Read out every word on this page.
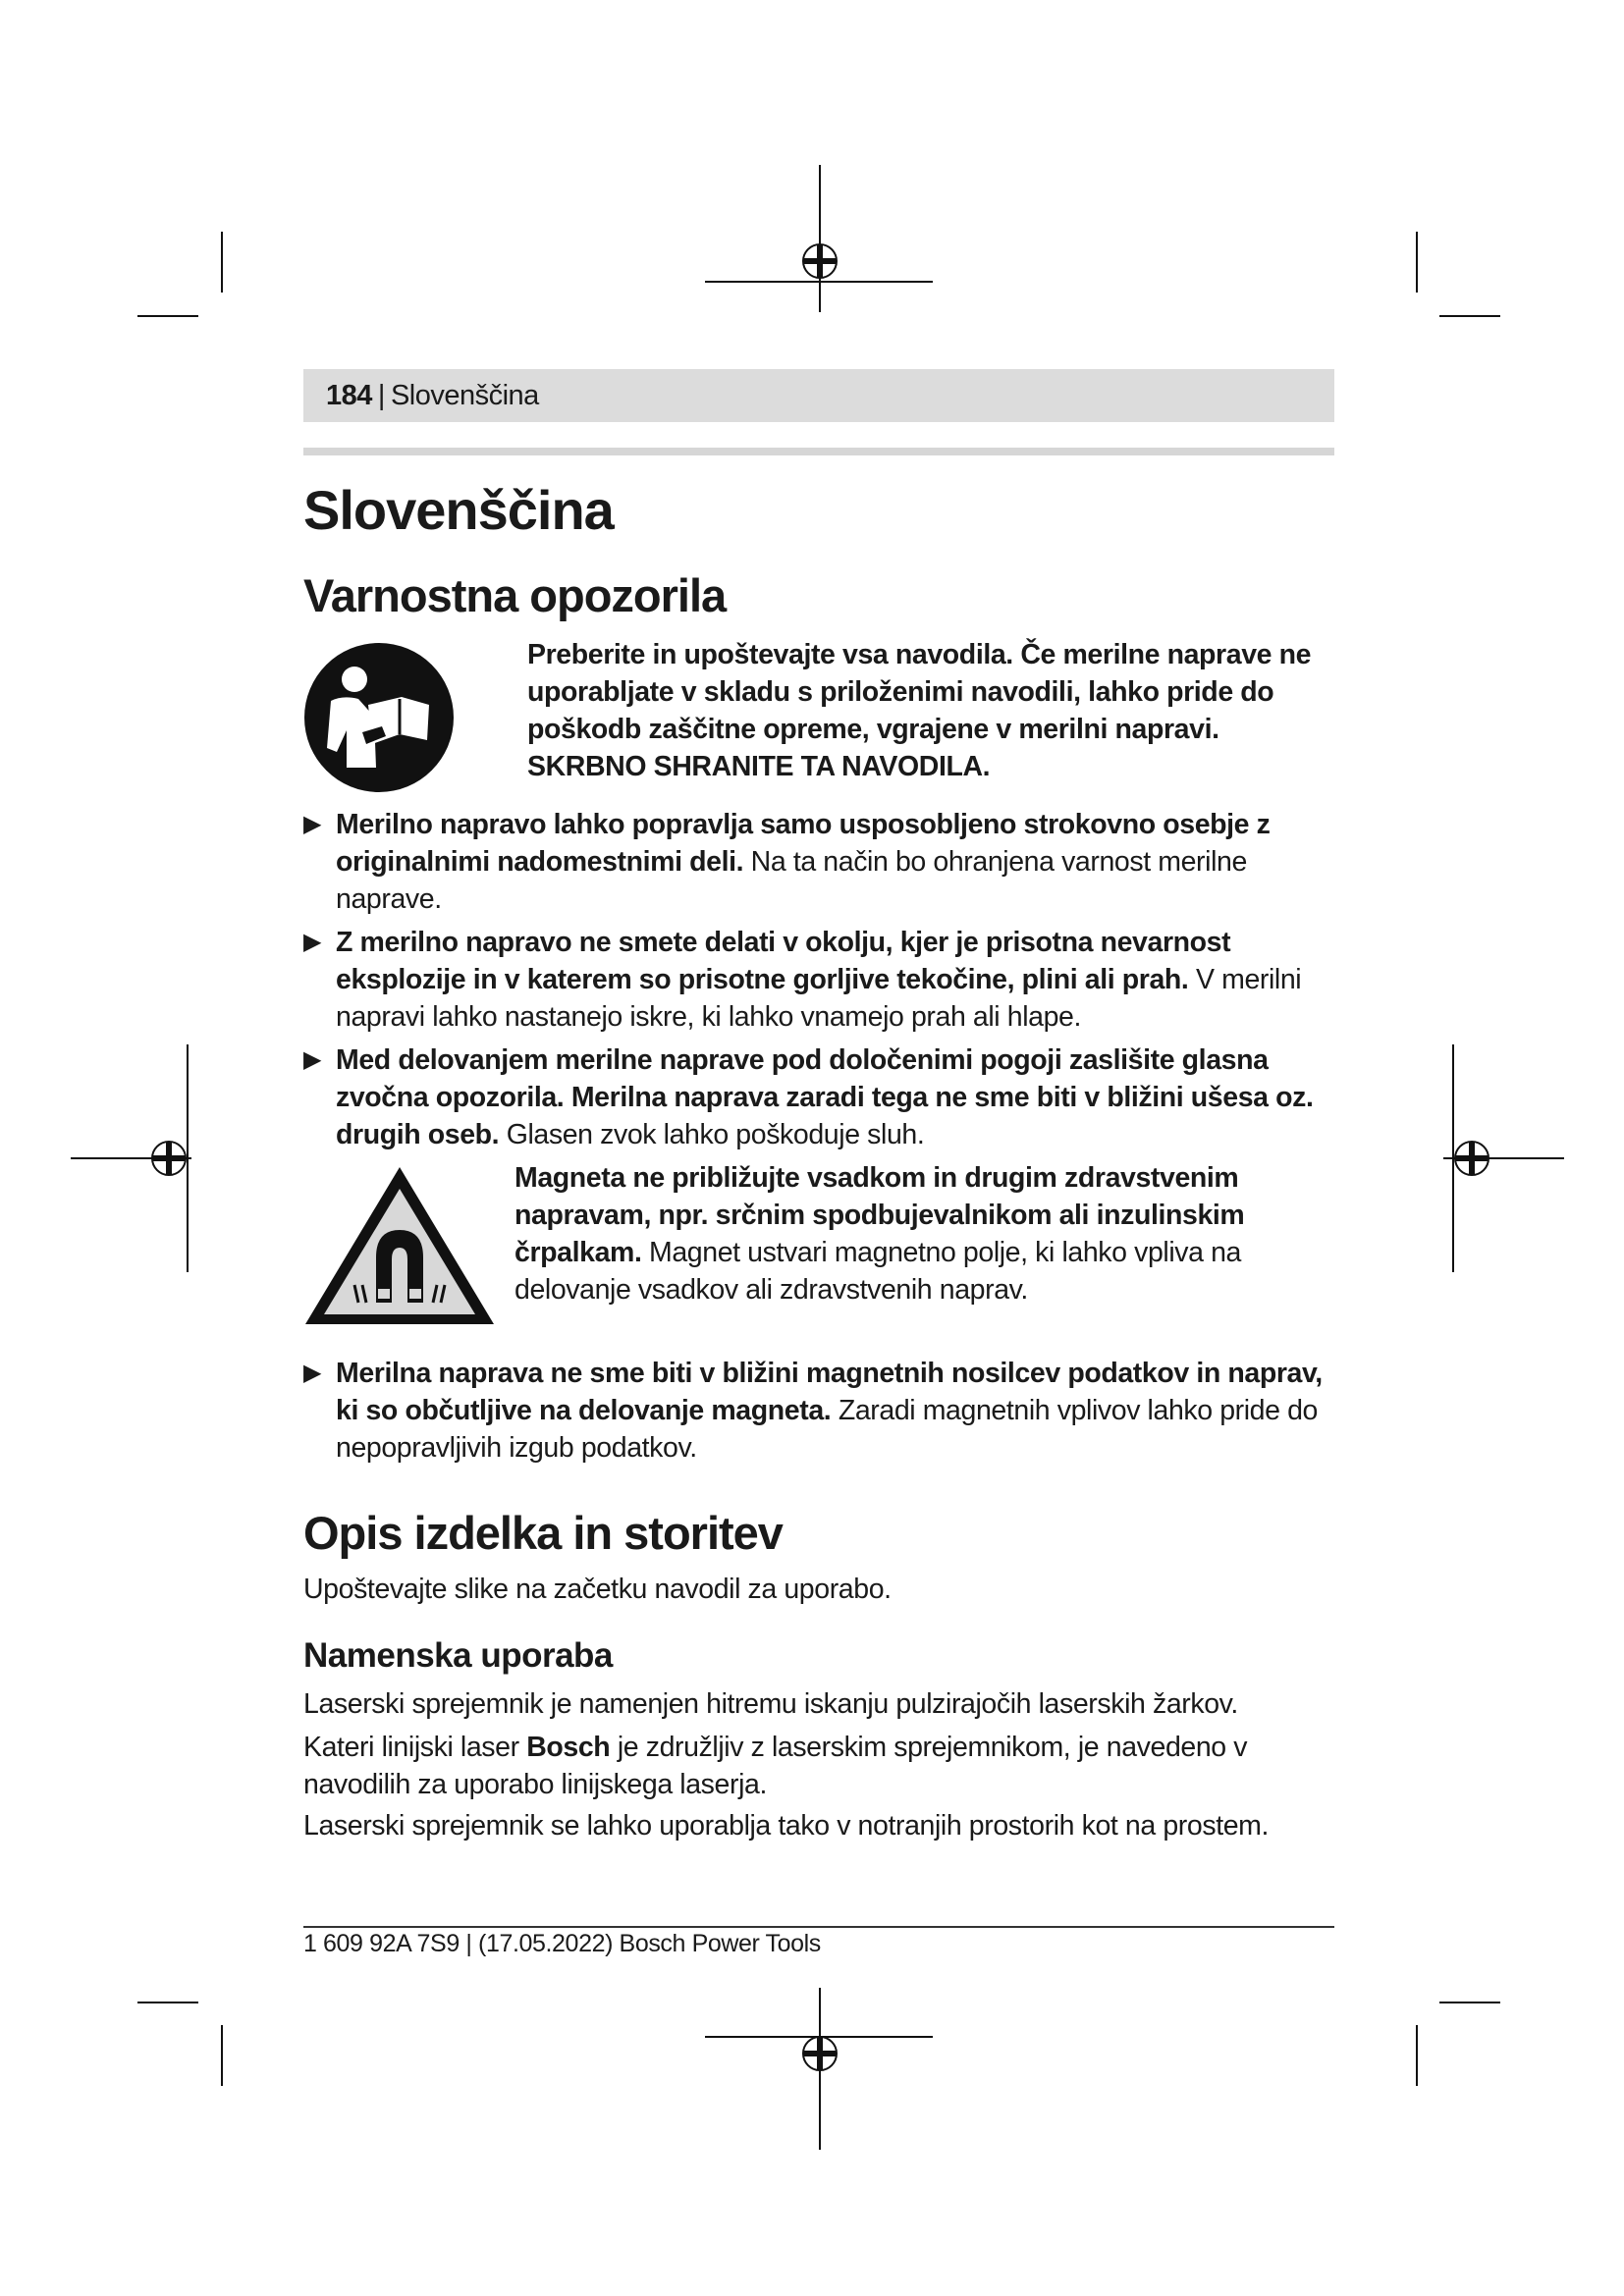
184 | Slovenščina
Slovenščina
Varnostna opozorila
Preberite in upoštevajte vsa navodila. Če merilne naprave ne uporabljate v skladu s priloženimi navodili, lahko pride do poškodb zaščitne opreme, vgrajene v merilni napravi. SKRBNO SHRANITE TA NAVODILA.
▶ Merilno napravo lahko popravlja samo usposobljeno strokovno osebje z originalnimi nadomestnimi deli. Na ta način bo ohranjena varnost merilne naprave.
▶ Z merilno napravo ne smete delati v okolju, kjer je prisotna nevarnost eksplozije in v katerem so prisotne gorljive tekočine, plini ali prah. V merilni napravi lahko nastanejo iskre, ki lahko vnamejo prah ali hlape.
▶ Med delovanjem merilne naprave pod določenimi pogoji zaslišite glasna zvočna opozorila. Merilna naprava zaradi tega ne sme biti v bližini ušesa oz. drugih oseb. Glasen zvok lahko poškoduje sluh.
Magneta ne približujte vsadkom in drugim zdravstvenim napravam, npr. srčnim spodbujevalnikom ali inzulinskim črpalkam. Magnet ustvari magnetno polje, ki lahko vpliva na delovanje vsadkov ali zdravstvenih naprav.
▶ Merilna naprava ne sme biti v bližini magnetnih nosilcev podatkov in naprav, ki so občutljive na delovanje magneta. Zaradi magnetnih vplivov lahko pride do nepopravljivih izgub podatkov.
Opis izdelka in storitev

Upoštevajte slike na začetku navodil za uporabo.

Namenska uporaba

Laserski sprejemnik je namenjen hitremu iskanju pulzirajočih laserskih žarkov.

Kateri linijski laser Bosch je združljiv z laserskim sprejemnikom, je navedeno v navodilih za uporabo linijskega laserja.

Laserski sprejemnik se lahko uporablja tako v notranjih prostorih kot na prostem.

1 609 92A 7S9 | (17.05.2022) Bosch Power Tools
